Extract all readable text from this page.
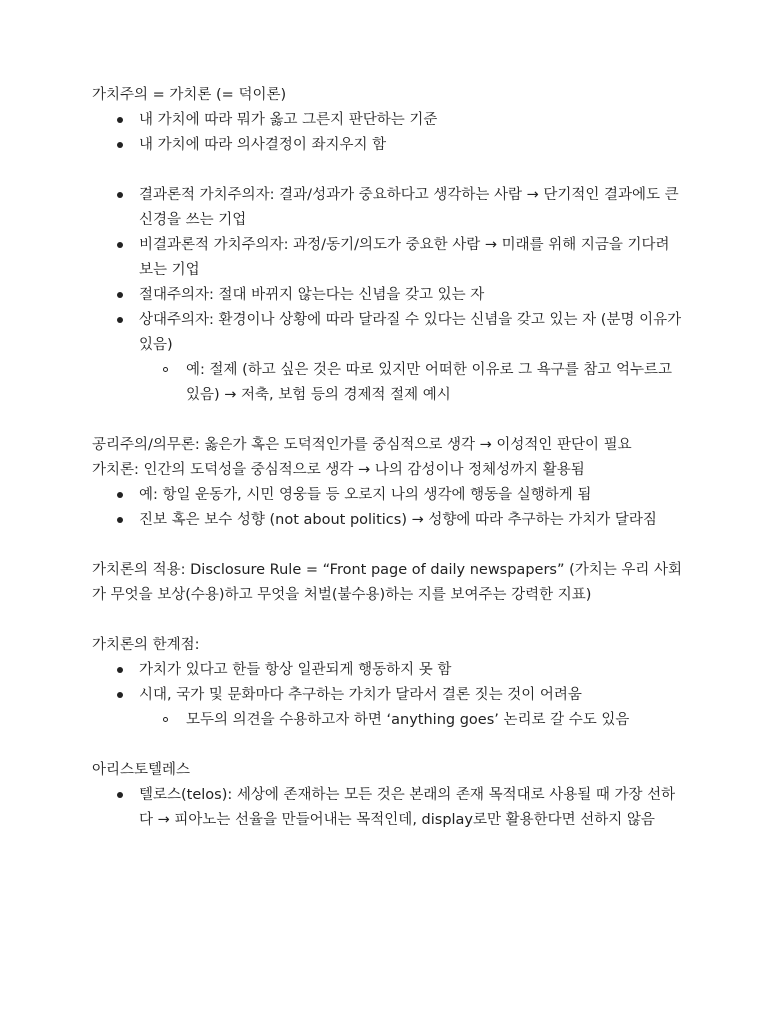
가치주의 = 가치론 (= 덕이론)
내 가치에 따라 뭐가 옳고 그른지 판단하는 기준
내 가치에 따라 의사결정이 좌지우지 함
결과론적 가치주의자: 결과/성과가 중요하다고 생각하는 사람 → 단기적인 결과에도 큰 신경을 쓰는 기업
비결과론적 가치주의자: 과정/동기/의도가 중요한 사람 → 미래를 위해 지금을 기다려보는 기업
절대주의자: 절대 바뀌지 않는다는 신념을 갖고 있는 자
상대주의자: 환경이나 상황에 따라 달라질 수 있다는 신념을 갖고 있는 자 (분명 이유가 있음)
예: 절제 (하고 싶은 것은 따로 있지만 어떠한 이유로 그 욕구를 참고 억누르고 있음) → 저축, 보험 등의 경제적 절제 예시
공리주의/의무론: 옳은가 혹은 도덕적인가를 중심적으로 생각 → 이성적인 판단이 필요
가치론: 인간의 도덕성을 중심적으로 생각 → 나의 감성이나 정체성까지 활용됨
예: 항일 운동가, 시민 영웅들 등 오로지 나의 생각에 행동을 실행하게 됨
진보 혹은 보수 성향 (not about politics) → 성향에 따라 추구하는 가치가 달라짐
가치론의 적용: Disclosure Rule = “Front page of daily newspapers” (가치는 우리 사회가 무엇을 보상(수용)하고 무엇을 처벌(불수용)하는 지를 보여주는 강력한 지표)
가치론의 한계점:
가치가 있다고 한들 항상 일관되게 행동하지 못 함
시대, 국가 및 문화마다 추구하는 가치가 달라서 결론 짓는 것이 어려움
모두의 의견을 수용하고자 하면 ‘anything goes’ 논리로 갈 수도 있음
아리스토텔레스
텔로스(telos): 세상에 존재하는 모든 것은 본래의 존재 목적대로 사용될 때 가장 선하다 → 피아노는 선율을 만들어내는 목적인데, display로만 활용한다면 선하지 않음
